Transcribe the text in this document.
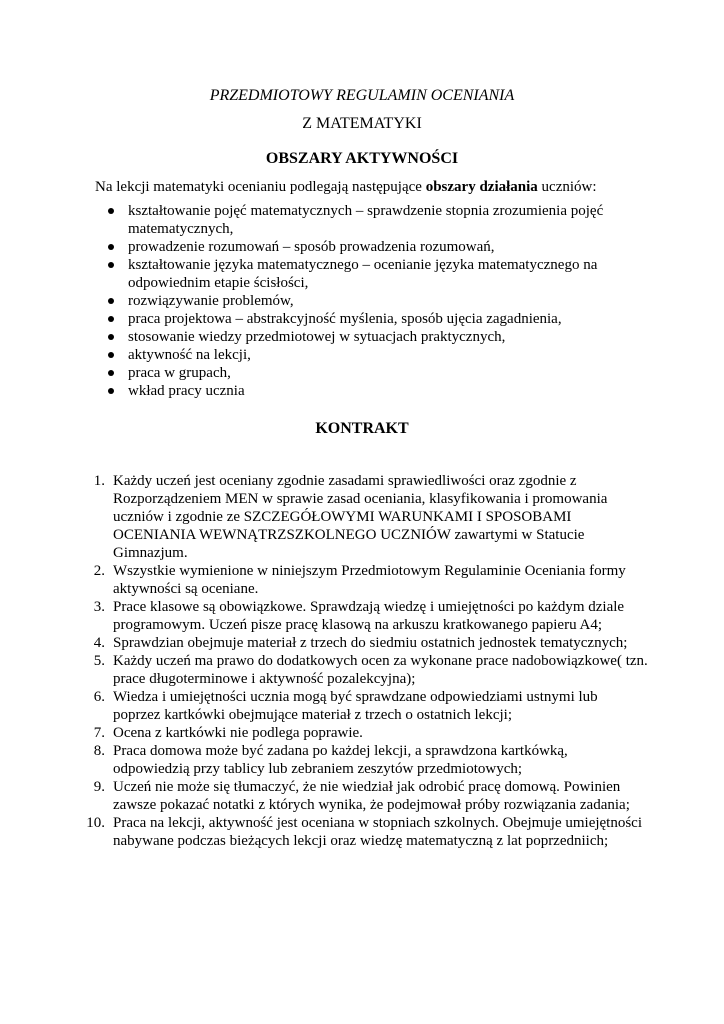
PRZEDMIOTOWY REGULAMIN OCENIANIA
Z MATEMATYKI
OBSZARY AKTYWNOŚCI
Na lekcji matematyki ocenianiu podlegają następujące obszary działania uczniów:
kształtowanie pojęć matematycznych – sprawdzenie stopnia zrozumienia pojęć matematycznych,
prowadzenie rozumowań – sposób prowadzenia rozumowań,
kształtowanie języka matematycznego – ocenianie języka matematycznego na odpowiednim etapie ścisłości,
rozwiązywanie problemów,
praca projektowa – abstrakcyjność myślenia, sposób ujęcia zagadnienia,
stosowanie wiedzy przedmiotowej w sytuacjach praktycznych,
aktywność na lekcji,
praca w grupach,
wkład pracy ucznia
KONTRAKT
1. Każdy uczeń jest oceniany zgodnie zasadami sprawiedliwości oraz zgodnie z Rozporządzeniem MEN w sprawie zasad oceniania, klasyfikowania i promowania uczniów i zgodnie ze SZCZEGÓŁOWYMI WARUNKAMI I SPOSOBAMI OCENIANIA WEWNĄTRZSZKOLNEGO UCZNIÓW zawartymi w Statucie Gimnazjum.
2. Wszystkie wymienione w niniejszym Przedmiotowym Regulaminie Oceniania formy aktywności są oceniane.
3. Prace klasowe są obowiązkowe. Sprawdzają wiedzę i umiejętności po każdym dziale programowym. Uczeń pisze pracę klasową na arkuszu kratkowanego papieru A4;
4. Sprawdzian obejmuje materiał z trzech do siedmiu ostatnich jednostek tematycznych;
5. Każdy uczeń ma prawo do dodatkowych ocen za wykonane prace nadobowiązkowe( tzn. prace długoterminowe i aktywność pozalekcyjna);
6. Wiedza i umiejętności ucznia mogą być sprawdzane odpowiedziami ustnymi lub poprzez kartkówki obejmujące materiał z trzech o ostatnich lekcji;
7. Ocena z kartkówki nie podlega poprawie.
8. Praca domowa może być zadana po każdej lekcji, a sprawdzona kartkówką, odpowiedzią przy tablicy lub zebraniem zeszytów przedmiotowych;
9. Uczeń nie może się tłumaczyć, że nie wiedział jak odrobić pracę domową. Powinien zawsze pokazać notatki z których wynika, że podejmował próby rozwiązania zadania;
10. Praca na lekcji, aktywność jest oceniana w stopniach szkolnych. Obejmuje umiejętności nabywane podczas bieżących lekcji oraz wiedzę matematyczną z lat poprzedniich;
